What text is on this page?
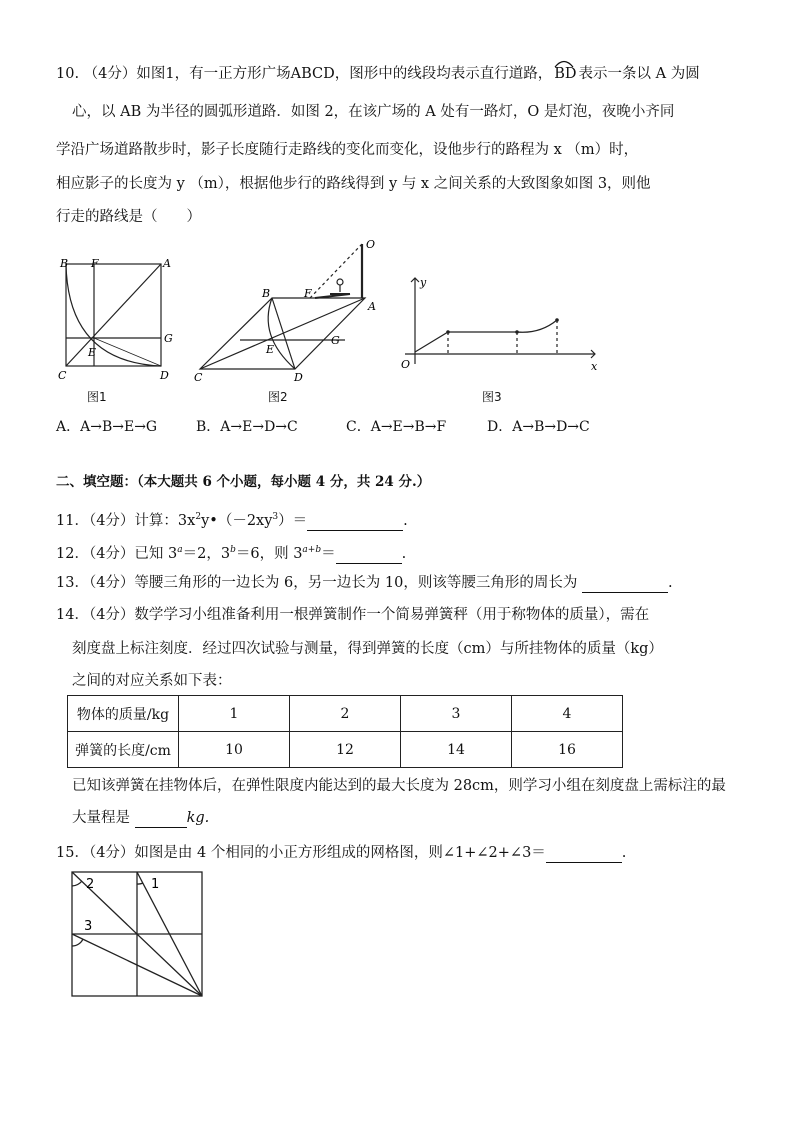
10. （4分）如图1，有一正方形广场ABCD，图形中的线段均表示直行道路， BD 表示一条以 A 为圆
心，以 AB 为半径的圆弧形道路．如图 2，在该广场的 A 处有一路灯，O 是灯泡，夜晚小齐同
学沿广场道路散步时，影子长度随行走路线的变化而变化，设他步行的路程为 x （m）时，
相应影子的长度为 y （m），根据他步行的路线得到 y 与 x 之间关系的大致图象如图 3，则他
行走的路线是（　　）
B F	A
G
E
C	D
图1
B	F
O
A
G
E
C	D
图2
y
x
O
图3
A．A→B→E→G	B．A→E→D→C	C．A→E→B→F	D．A→B→D→C
二、填空题：（本大题共 6 个小题，每小题 4 分，共 24 分.）
11．（4分）计算：$3x^2y•(-2xy^3)=$	.
12．（4分）已知 $3^a=2$，$3^b=6$，则 $3^{a+b}=$	.
13．（4分）等腰三角形的一边长为 6，另一边长为 10，则该等腰三角形的周长为	.
14．（4分）数学学习小组准备利用一根弹簧制作一个简易弹簧秤（用于称物体的质量），需在
刻度盘上标注刻度．经过四次试验与测量，得到弹簧的长度（cm）与所挂物体的质量（kg）
之间的对应关系如下表：
物体的质量/kg	1	2	3	4
弹簧的长度/cm	10	12	14	16
已知该弹簧在挂物体后，在弹性限度内能达到的最大长度为 28cm，则学习小组在刻度盘上需标注的最
大量程是	kg.
15．（4分）如图是由 4 个相同的小正方形组成的网格图，则∠1+∠2+∠3＝	.
2	1
3
